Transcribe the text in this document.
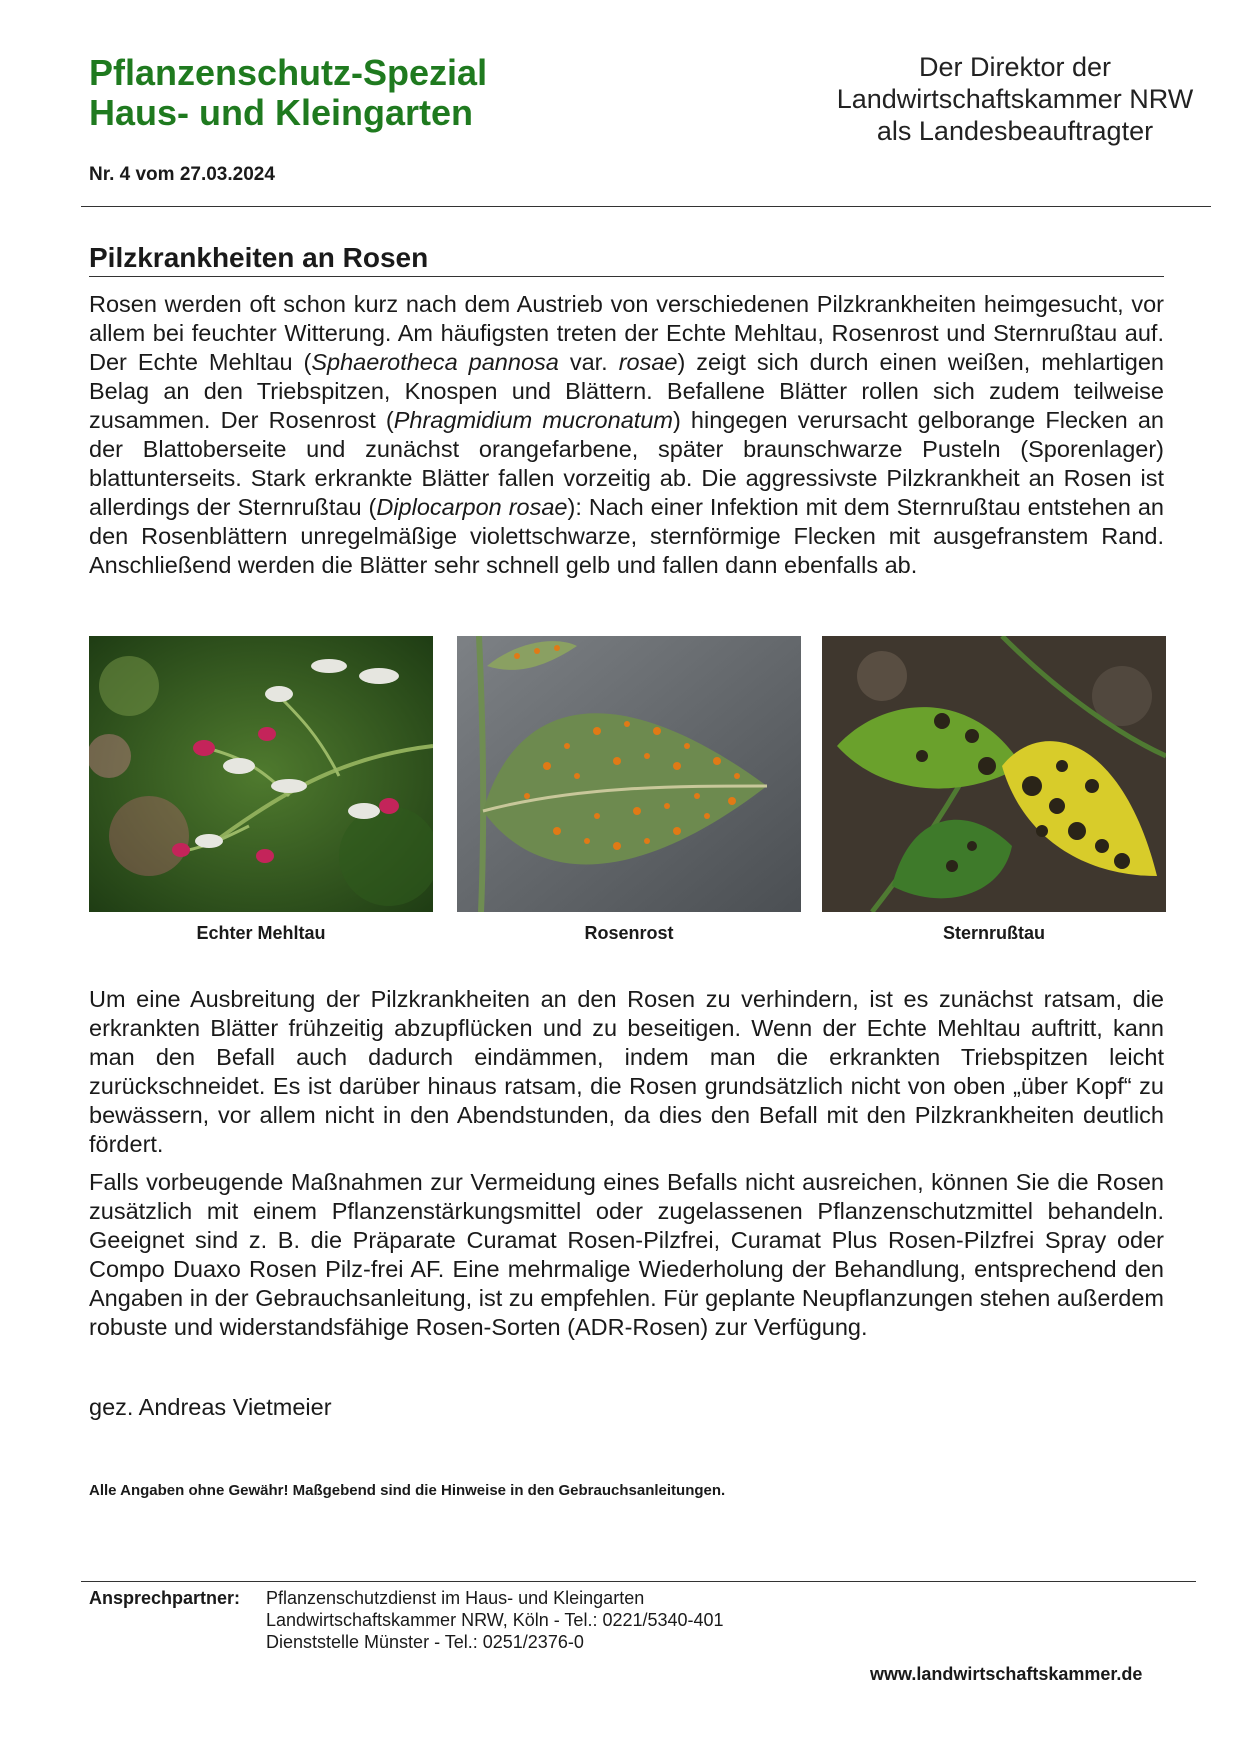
Pflanzenschutz-Spezial
Haus- und Kleingarten
Der Direktor der
Landwirtschaftskammer NRW
als Landesbeauftragter
Nr. 4 vom 27.03.2024
Pilzkrankheiten an Rosen
Rosen werden oft schon kurz nach dem Austrieb von verschiedenen Pilzkrankheiten heimgesucht, vor allem bei feuchter Witterung. Am häufigsten treten der Echte Mehltau, Rosenrost und Sternrußtau auf. Der Echte Mehltau (Sphaerotheca pannosa var. rosae) zeigt sich durch einen weißen, mehlartigen Belag an den Triebspitzen, Knospen und Blättern. Befallene Blätter rollen sich zudem teilweise zusammen. Der Rosenrost (Phragmidium mucronatum) hingegen verursacht gelborange Flecken an der Blattoberseite und zunächst orangefarbene, später braunschwarze Pusteln (Sporenlager) blattunterseits. Stark erkrankte Blätter fallen vorzeitig ab. Die aggressivste Pilzkrankheit an Rosen ist allerdings der Sternrußtau (Diplocarpon rosae): Nach einer Infektion mit dem Sternrußtau entstehen an den Rosenblättern unregelmäßige violettschwarze, sternförmige Flecken mit ausgefranstem Rand. Anschließend werden die Blätter sehr schnell gelb und fallen dann ebenfalls ab.
Echter Mehltau	Rosenrost	Sternrußtau
Um eine Ausbreitung der Pilzkrankheiten an den Rosen zu verhindern, ist es zunächst ratsam, die erkrankten Blätter frühzeitig abzupflücken und zu beseitigen. Wenn der Echte Mehltau auftritt, kann man den Befall auch dadurch eindämmen, indem man die erkrankten Triebspitzen leicht zurückschneidet. Es ist darüber hinaus ratsam, die Rosen grundsätzlich nicht von oben „über Kopf“ zu bewässern, vor allem nicht in den Abendstunden, da dies den Befall mit den Pilzkrankheiten deutlich fördert.
Falls vorbeugende Maßnahmen zur Vermeidung eines Befalls nicht ausreichen, können Sie die Rosen zusätzlich mit einem Pflanzenstärkungsmittel oder zugelassenen Pflanzenschutzmittel behandeln. Geeignet sind z. B. die Präparate Curamat Rosen-Pilzfrei, Curamat Plus Rosen-Pilzfrei Spray oder Compo Duaxo Rosen Pilz-frei AF. Eine mehrmalige Wiederholung der Behandlung, entsprechend den Angaben in der Gebrauchsanleitung, ist zu empfehlen. Für geplante Neupflanzungen stehen außerdem robuste und widerstandsfähige Rosen-Sorten (ADR-Rosen) zur Verfügung.
gez. Andreas Vietmeier
Alle Angaben ohne Gewähr! Maßgebend sind die Hinweise in den Gebrauchsanleitungen.
Ansprechpartner: Pflanzenschutzdienst im Haus- und Kleingarten
Landwirtschaftskammer NRW, Köln - Tel.: 0221/5340-401
Dienststelle Münster - Tel.: 0251/2376-0
www.landwirtschaftskammer.de
